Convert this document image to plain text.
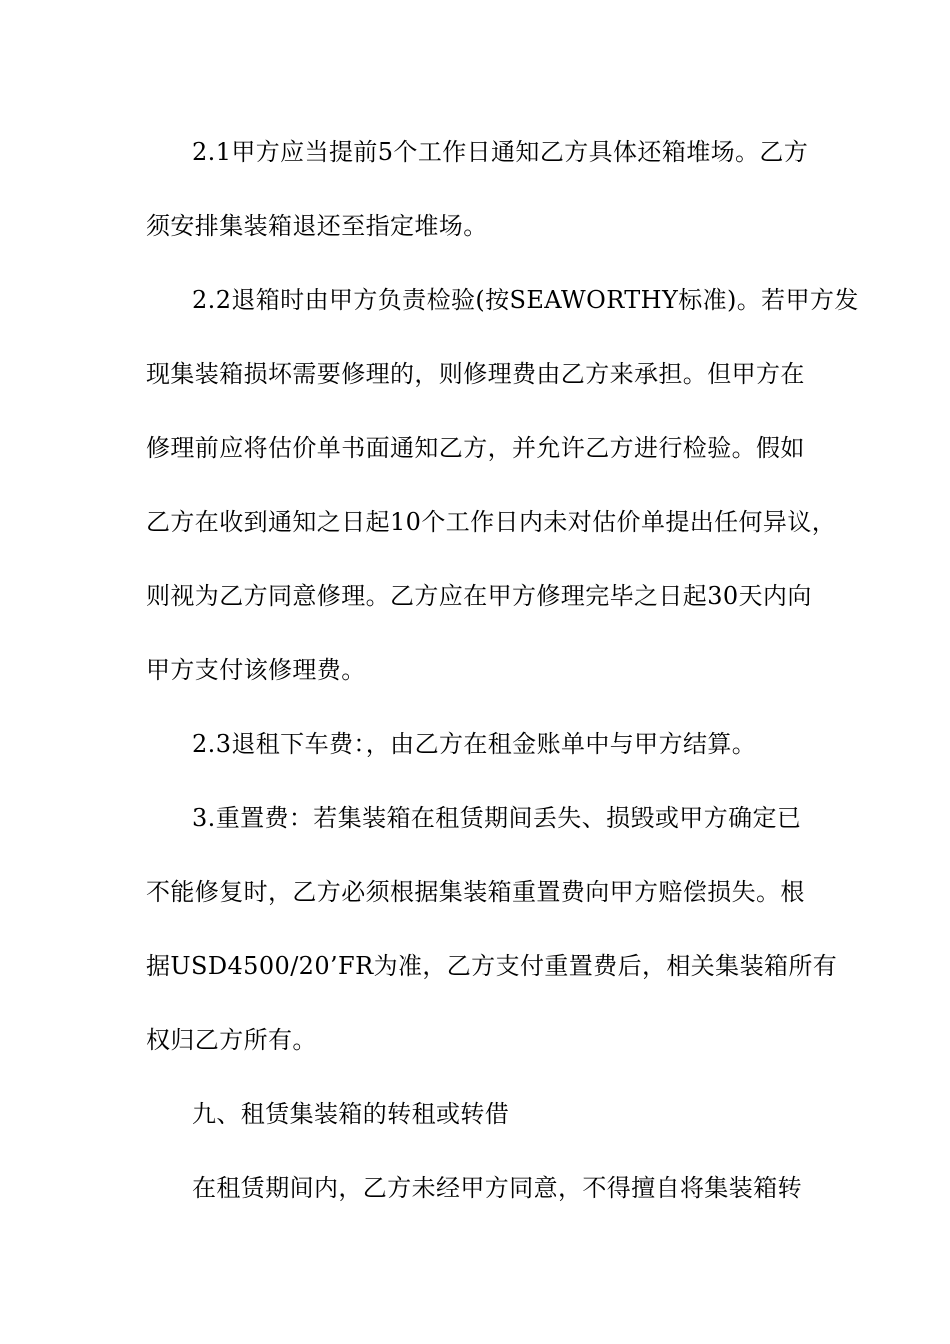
2.1甲方应当提前5个工作日通知乙方具体还箱堆场。乙方
须安排集装箱退还至指定堆场。
2.2退箱时由甲方负责检验(按SEAWORTHY标准)。若甲方发
现集装箱损坏需要修理的，则修理费由乙方来承担。但甲方在
修理前应将估价单书面通知乙方，并允许乙方进行检验。假如
乙方在收到通知之日起10个工作日内未对估价单提出任何异议，
则视为乙方同意修理。乙方应在甲方修理完毕之日起30天内向
甲方支付该修理费。
2.3退租下车费：，由乙方在租金账单中与甲方结算。
3.重置费：若集装箱在租赁期间丢失、损毁或甲方确定已
不能修复时，乙方必须根据集装箱重置费向甲方赔偿损失。根
据USD4500/20’FR为准，乙方支付重置费后，相关集装箱所有
权归乙方所有。
九、租赁集装箱的转租或转借
在租赁期间内，乙方未经甲方同意，不得擅自将集装箱转
